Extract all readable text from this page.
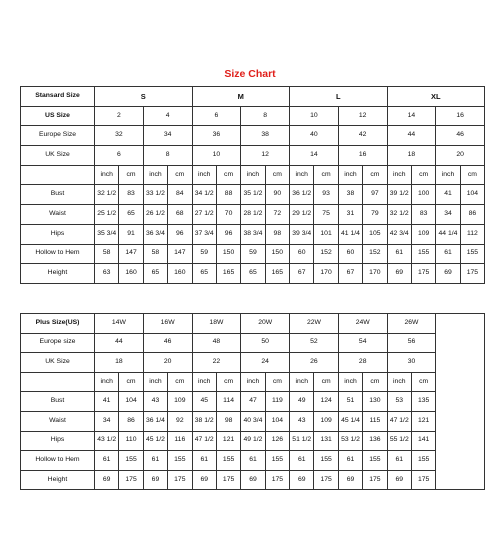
Size Chart
Stansard Size	S				M				L				XL			
US Size	2		4		6		8		10		12		14		16	
Europe Size	32		34		36		38		40		42		44		46	
UK Size	6		8		10		12		14		16		18		20	
	inch	cm	inch	cm	inch	cm	inch	cm	inch	cm	inch	cm	inch	cm	inch	cm
Bust	32 1/2	83	33 1/2	84	34 1/2	88	35 1/2	90	36 1/2	93	38	97	39 1/2	100	41	104
Waist	25 1/2	65	26 1/2	68	27 1/2	70	28 1/2	72	29 1/2	75	31	79	32 1/2	83	34	86
Hips	35 3/4	91	36 3/4	96	37 3/4	96	38 3/4	98	39 3/4	101	41 1/4	105	42 3/4	109	44 1/4	112
Hollow to Hem	58	147	58	147	59	150	59	150	60	152	60	152	61	155	61	155
Height	63	160	65	160	65	165	65	165	67	170	67	170	69	175	69	175
Plus Size(US)	14W		16W		18W		20W		22W		24W		26W		
Europe size	44		46		48		50		52		54		56		
UK Size	18		20		22		24		26		28		30		
	inch	cm	inch	cm	inch	cm	inch	cm	inch	cm	inch	cm	inch	cm	
Bust	41	104	43	109	45	114	47	119	49	124	51	130	53	135	
Waist	34	86	36 1/4	92	38 1/2	98	40 3/4	104	43	109	45 1/4	115	47 1/2	121	
Hips	43 1/2	110	45 1/2	116	47 1/2	121	49 1/2	126	51 1/2	131	53 1/2	136	55 1/2	141	
Hollow to Hem	61	155	61	155	61	155	61	155	61	155	61	155	61	155	
Height	69	175	69	175	69	175	69	175	69	175	69	175	69	175	
